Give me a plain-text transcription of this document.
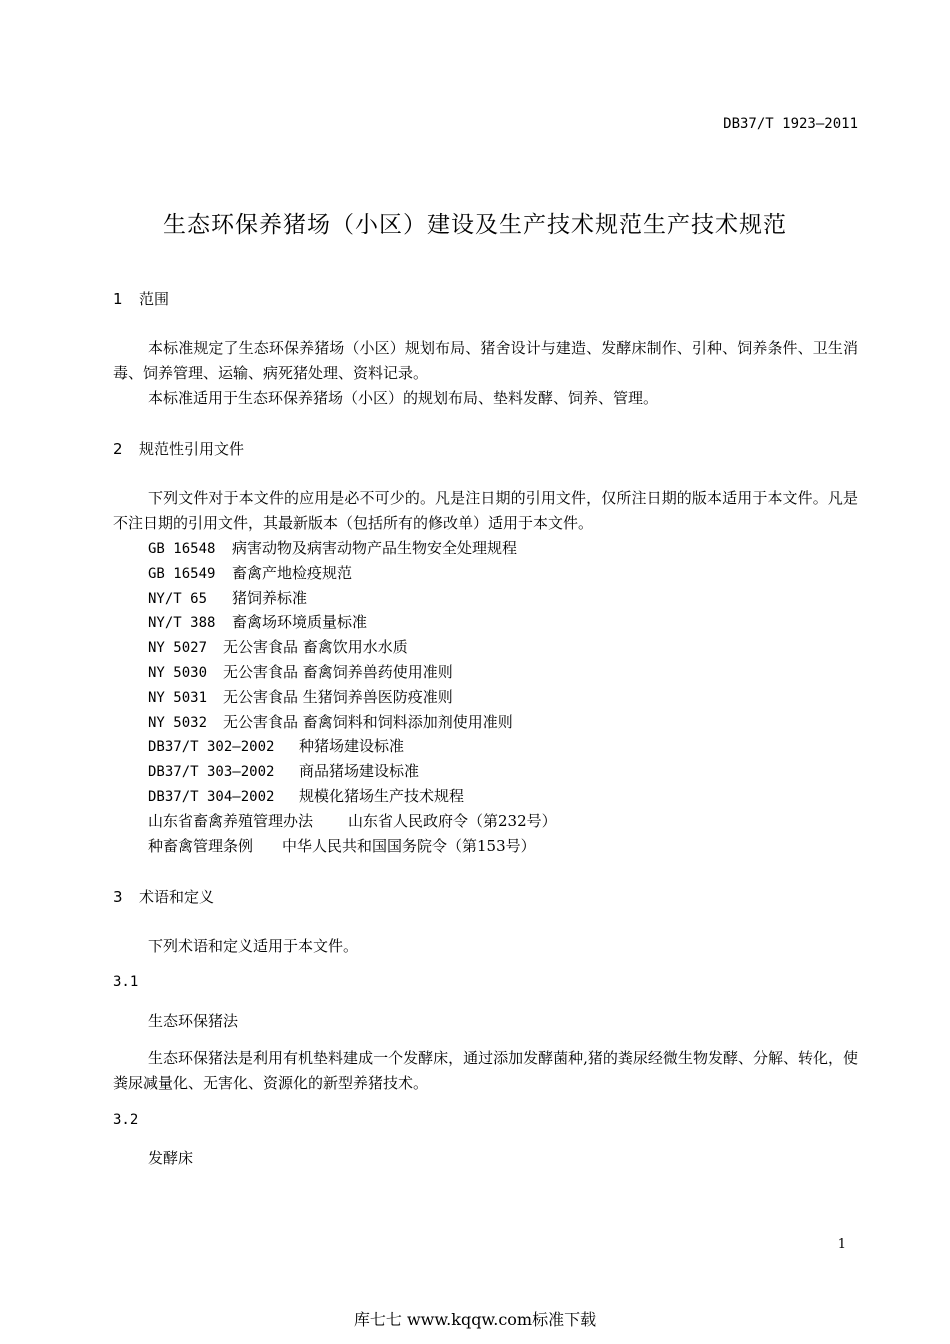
DB37/T 1923—2011
生态环保养猪场（小区）建设及生产技术规范生产技术规范
1 范围
本标准规定了生态环保养猪场（小区）规划布局、猪舍设计与建造、发酵床制作、引种、饲养条件、卫生消毒、饲养管理、运输、病死猪处理、资料记录。
本标准适用于生态环保养猪场（小区）的规划布局、垫料发酵、饲养、管理。
2 规范性引用文件
下列文件对于本文件的应用是必不可少的。凡是注日期的引用文件，仅所注日期的版本适用于本文件。凡是不注日期的引用文件，其最新版本（包括所有的修改单）适用于本文件。
GB 16548 病害动物及病害动物产品生物安全处理规程
GB 16549 畜禽产地检疫规范
NY/T 65 猪饲养标准
NY/T 388 畜禽场环境质量标准
NY 5027 无公害食品 畜禽饮用水水质
NY 5030 无公害食品 畜禽饲养兽药使用准则
NY 5031 无公害食品 生猪饲养兽医防疫准则
NY 5032 无公害食品 畜禽饲料和饲料添加剂使用准则
DB37/T 302—2002 种猪场建设标准
DB37/T 303—2002 商品猪场建设标准
DB37/T 304—2002 规模化猪场生产技术规程
山东省畜禽养殖管理办法 山东省人民政府令（第232号）
种畜禽管理条例 中华人民共和国国务院令（第153号）
3 术语和定义
下列术语和定义适用于本文件。
3.1
生态环保猪法
生态环保猪法是利用有机垫料建成一个发酵床，通过添加发酵菌种,猪的粪尿经微生物发酵、分解、转化，使粪尿减量化、无害化、资源化的新型养猪技术。
3.2
发酵床
1
库七七 www.kqqw.com标准下载
